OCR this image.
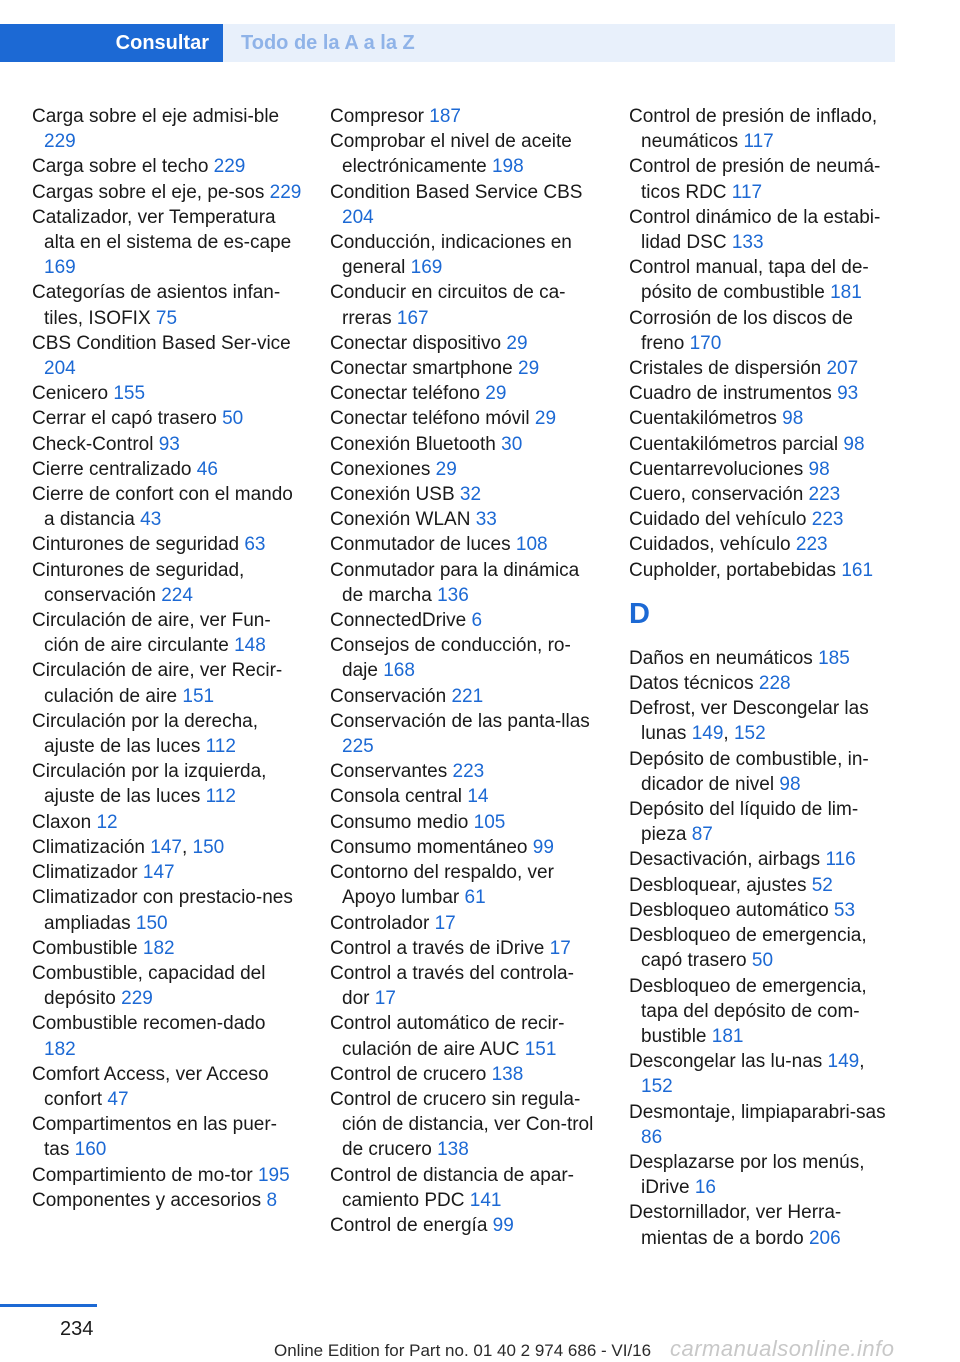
Consultar	Todo de la A a la Z
Carga sobre el eje admisi‐ble 229
Carga sobre el techo 229
Cargas sobre el eje, pe‐sos 229
Catalizador, ver Temperatura alta en el sistema de es‐cape 169
Categorías de asientos infan‐tiles, ISOFIX 75
CBS Condition Based Ser‐vice 204
Cenicero 155
Cerrar el capó trasero 50
Check-Control 93
Cierre centralizado 46
Cierre de confort con el mando a distancia 43
Cinturones de seguridad 63
Cinturones de seguridad, conservación 224
Circulación de aire, ver Fun‐ción de aire circulante 148
Circulación de aire, ver Recir‐culación de aire 151
Circulación por la derecha, ajuste de las luces 112
Circulación por la izquierda, ajuste de las luces 112
Claxon 12
Climatización 147, 150
Climatizador 147
Climatizador con prestacio‐nes ampliadas 150
Combustible 182
Combustible, capacidad del depósito 229
Combustible recomen‐dado 182
Comfort Access, ver Acceso confort 47
Compartimentos en las puer‐tas 160
Compartimiento de mo‐tor 195
Componentes y accesorios 8
Compresor 187
Comprobar el nivel de aceite electrónicamente 198
Condition Based Service CBS 204
Conducción, indicaciones en general 169
Conducir en circuitos de ca‐rreras 167
Conectar dispositivo 29
Conectar smartphone 29
Conectar teléfono 29
Conectar teléfono móvil 29
Conexión Bluetooth 30
Conexiones 29
Conexión USB 32
Conexión WLAN 33
Conmutador de luces 108
Conmutador para la dinámica de marcha 136
ConnectedDrive 6
Consejos de conducción, ro‐daje 168
Conservación 221
Conservación de las panta‐llas 225
Conservantes 223
Consola central 14
Consumo medio 105
Consumo momentáneo 99
Contorno del respaldo, ver Apoyo lumbar 61
Controlador 17
Control a través de iDrive 17
Control a través del controla‐dor 17
Control automático de recir‐culación de aire AUC 151
Control de crucero 138
Control de crucero sin regula‐ción de distancia, ver Con‐trol de crucero 138
Control de distancia de apar‐camiento PDC 141
Control de energía 99
Control de presión de inflado, neumáticos 117
Control de presión de neumá‐ticos RDC 117
Control dinámico de la estabi‐lidad DSC 133
Control manual, tapa del de‐pósito de combustible 181
Corrosión de los discos de freno 170
Cristales de dispersión 207
Cuadro de instrumentos 93
Cuentakilómetros 98
Cuentakilómetros parcial 98
Cuentarrevoluciones 98
Cuero, conservación 223
Cuidado del vehículo 223
Cuidados, vehículo 223
Cupholder, portabebidas 161
D
Daños en neumáticos 185
Datos técnicos 228
Defrost, ver Descongelar las lunas 149, 152
Depósito de combustible, in‐dicador de nivel 98
Depósito del líquido de lim‐pieza 87
Desactivación, airbags 116
Desbloquear, ajustes 52
Desbloqueo automático 53
Desbloqueo de emergencia, capó trasero 50
Desbloqueo de emergencia, tapa del depósito de com‐bustible 181
Descongelar las lu‐nas 149, 152
Desmontaje, limpiaparabri‐sas 86
Desplazarse por los menús, iDrive 16
Destornillador, ver Herra‐mientas de a bordo 206
234
Online Edition for Part no. 01 40 2 974 686 - VI/16 carmanualsonline.info
